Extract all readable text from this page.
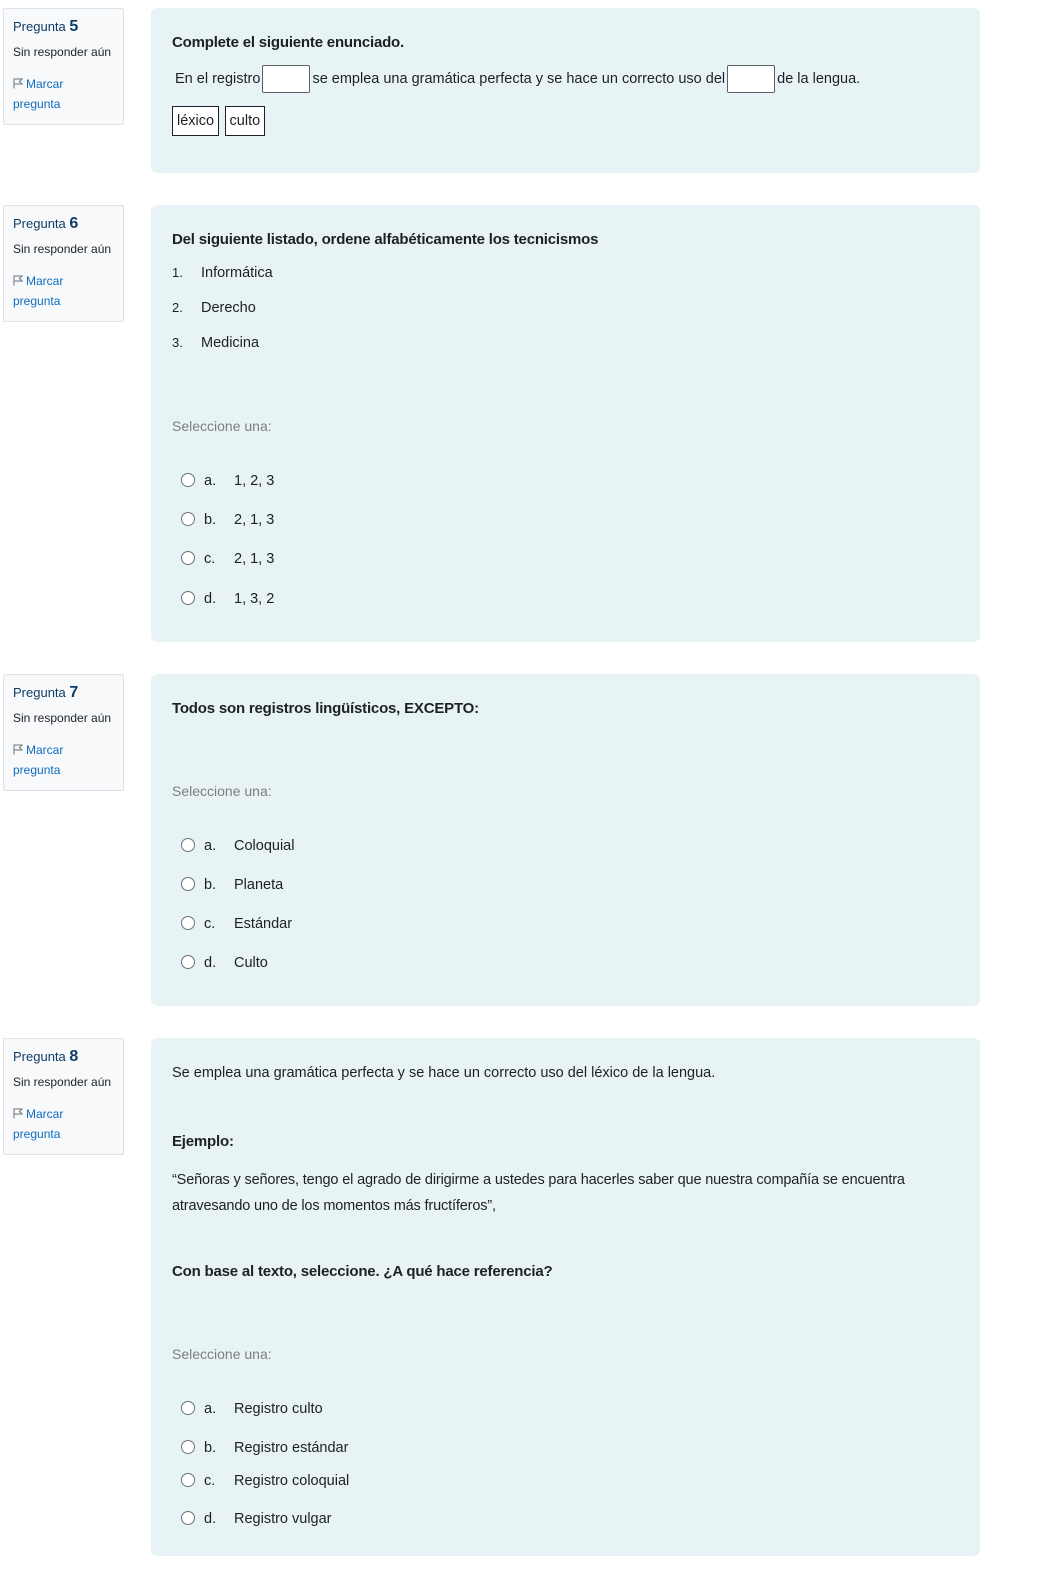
Pregunta 5
Sin responder aún
Marcar pregunta
Complete el siguiente enunciado.
En el registro	se emplea una gramática perfecta y se hace un correcto uso del	de la lengua.
léxico culto
Pregunta 6
Sin responder aún
Marcar pregunta
Del siguiente listado, ordene alfabéticamente los tecnicismos
1. Informática
2. Derecho
3. Medicina
Seleccione una:
a. 1, 2, 3
b. 2, 1, 3
c. 2, 1, 3
d. 1, 3, 2
Pregunta 7
Sin responder aún
Marcar pregunta
Todos son registros lingüísticos, EXCEPTO:
Seleccione una:
a. Coloquial
b. Planeta
c. Estándar
d. Culto
Pregunta 8
Sin responder aún
Marcar pregunta
Se emplea una gramática perfecta y se hace un correcto uso del léxico de la lengua.
Ejemplo:
“Señoras y señores, tengo el agrado de dirigirme a ustedes para hacerles saber que nuestra compañía se encuentra atravesando uno de los momentos más fructíferos”,
Con base al texto, seleccione. ¿A qué hace referencia?
Seleccione una:
a. Registro culto
b. Registro estándar
c. Registro coloquial
d. Registro vulgar
